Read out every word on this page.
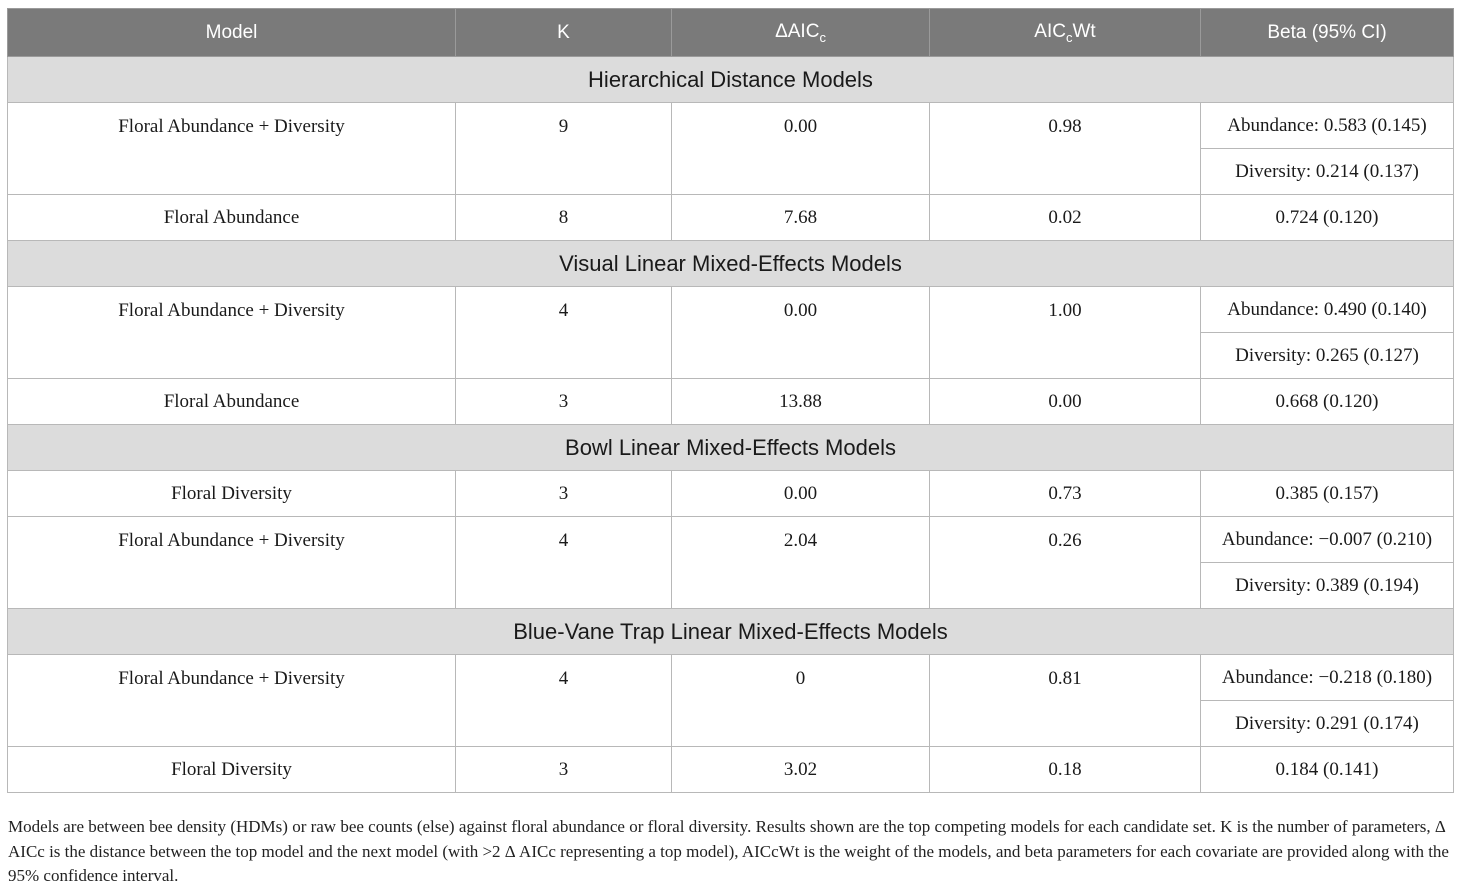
Model	K	$\Delta AIC_c$	$AIC_cWt$	Beta (95% CI)
Hierarchical Distance Models				
Floral Abundance + Diversity	9	0.00	0.98	Abundance: 0.583 (0.145)
				Diversity: 0.214 (0.137)
Floral Abundance	8	7.68	0.02	0.724 (0.120)
Visual Linear Mixed-Effects Models				
Floral Abundance + Diversity	4	0.00	1.00	Abundance: 0.490 (0.140)
				Diversity: 0.265 (0.127)
Floral Abundance	3	13.88	0.00	0.668 (0.120)
Bowl Linear Mixed-Effects Models				
Floral Diversity	3	0.00	0.73	0.385 (0.157)
Floral Abundance + Diversity	4	2.04	0.26	Abundance: −0.007 (0.210)
				Diversity: 0.389 (0.194)
Blue-Vane Trap Linear Mixed-Effects Models				
Floral Abundance + Diversity	4	0	0.81	Abundance: −0.218 (0.180)
				Diversity: 0.291 (0.174)
Floral Diversity	3	3.02	0.18	0.184 (0.141)
Models are between bee density (HDMs) or raw bee counts (else) against floral abundance or floral diversity. Results shown are the top competing models for each candidate set. K is the number of parameters, Δ AICc is the distance between the top model and the next model (with >2 Δ AICc representing a top model), AICcWt is the weight of the models, and beta parameters for each covariate are provided along with the 95% confidence interval.
